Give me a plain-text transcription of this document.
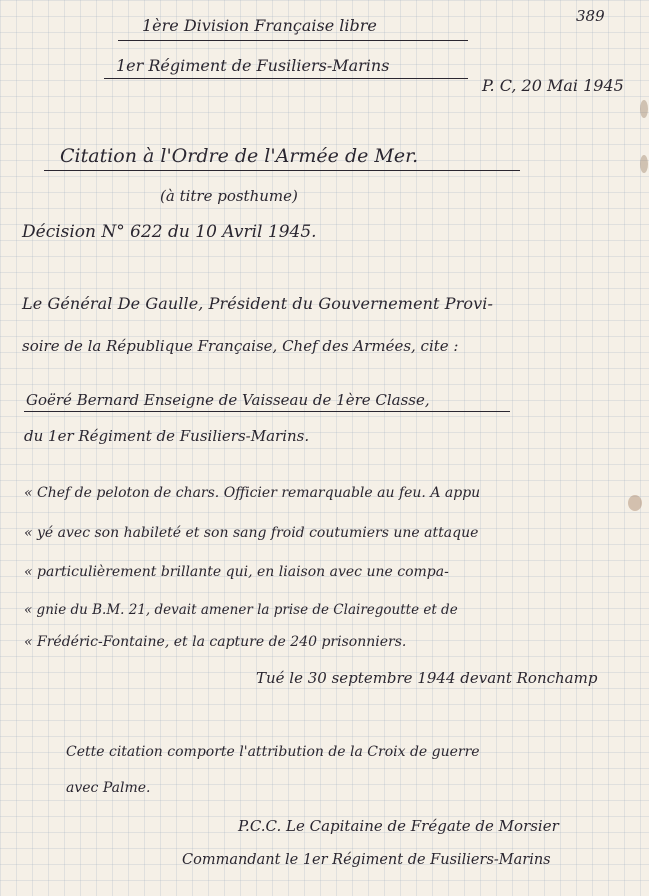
389
1ère Division Française libre
1er Régiment de Fusiliers-Marins
P. C, 20 Mai 1945
Citation à l'Ordre de l'Armée de Mer.
(à titre posthume)
Décision N° 622 du 10 Avril 1945.
Le Général De Gaulle, Président du Gouvernement Provi-
soire de la République Française, Chef des Armées, cite :
Goëré Bernard Enseigne de Vaisseau de 1ère Classe,
du 1er Régiment de Fusiliers-Marins.
« Chef de peloton de chars. Officier remarquable au feu. A appu
« yé avec son habileté et son sang froid coutumiers une attaque
« particulièrement brillante qui, en liaison avec une compa-
« gnie du B.M. 21, devait amener la prise de Clairegoutte et de
« Frédéric-Fontaine, et la capture de 240 prisonniers.
Tué le 30 septembre 1944 devant Ronchamp
Cette citation comporte l'attribution de la Croix de guerre
avec Palme.
P.C.C. Le Capitaine de Frégate de Morsier
Commandant le 1er Régiment de Fusiliers-Marins
